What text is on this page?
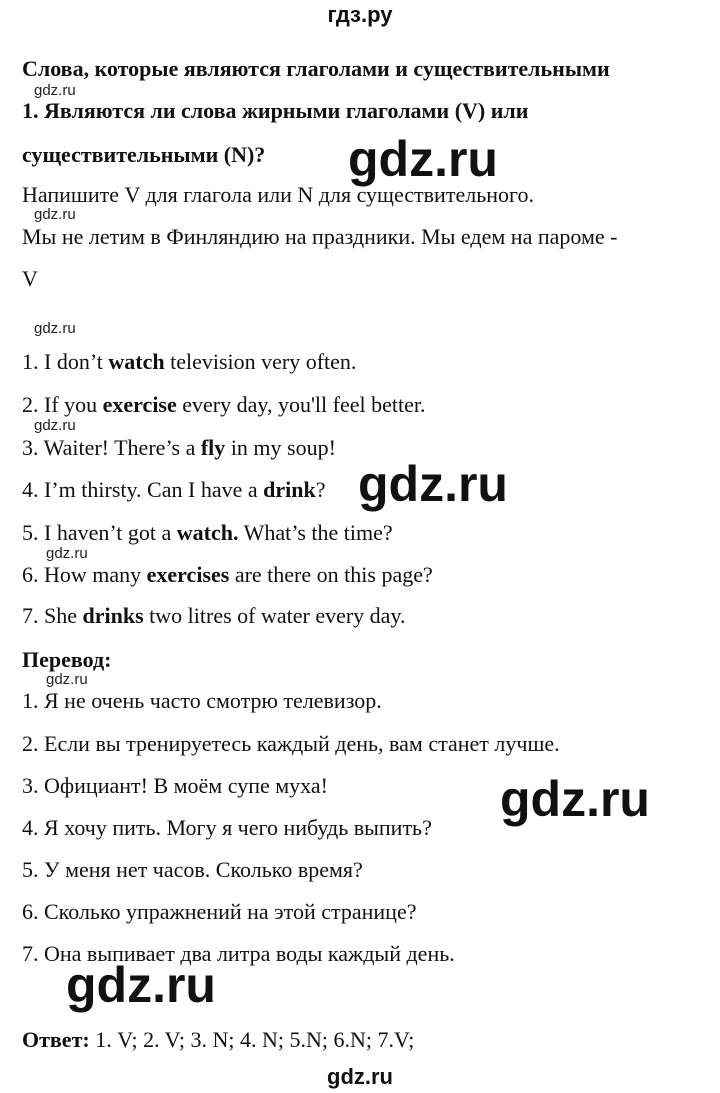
гдз.ру
Слова, которые являются глаголами и существительными
gdz.ru
1. Являются ли слова жирными глаголами (V) или
существительными (N)? gdz.ru
Напишите V для глагола или N для существительного.
gdz.ru
Мы не летим в Финляндию на праздники. Мы едем на пароме -
V
gdz.ru
1. I don’t watch television very often.
2. If you exercise every day, you'll feel better.
gdz.ru
3. Waiter! There’s a fly in my soup!
4. I’m thirsty. Can I have a drink? gdz.ru
5. I haven’t got a watch. What’s the time?
gdz.ru
6. How many exercises are there on this page?
7. She drinks two litres of water every day.
Перевод:
gdz.ru
1. Я не очень часто смотрю телевизор.
2. Если вы тренируетесь каждый день, вам станет лучше.
3. Официант! В моём супе муха!	gdz.ru
4. Я хочу пить. Могу я чего нибудь выпить?
5. У меня нет часов. Сколько время?
6. Сколько упражнений на этой странице?
7. Она выпивает два литра воды каждый день.
gdz.ru
Ответ: 1. V; 2. V; 3. N; 4. N; 5.N; 6.N; 7.V;
gdz.ru
